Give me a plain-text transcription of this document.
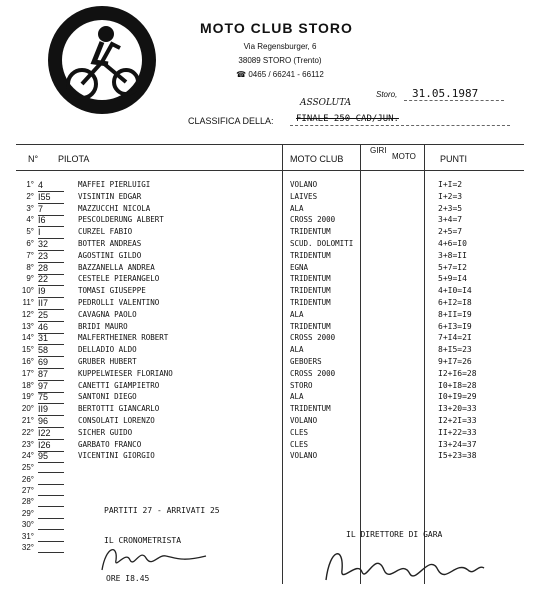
MOTO CLUB STORO
Via Regensburger, 6
38089 STORO (Trento)
☎ 0465 / 66241 - 66112
Storo, 31.05.1987
ASSOLUTA
CLASSIFICA DELLA: FINALE 250 CAD/JUN.
N° PILOTA	MOTO CLUB
GIRI
MOTO	PUNTI
1° 4	MAFFEI PIERLUIGI	VOLANO	I+I=2
2° I55	VISINTIN EDGAR	LAIVES	I+2=3
3° 7	MAZZUCCHI NICOLA	ALA	2+3=5
4° I6	PESCOLDERUNG ALBERT	CROSS 2000	3+4=7
5° I	CURZEL FABIO	TRIDENTUM	2+5=7
6° 32	BOTTER ANDREAS	SCUD. DOLOMITI	4+6=I0
7° 23	AGOSTINI GILDO	TRIDENTUM	3+8=II
8° 28	BAZZANELLA ANDREA	EGNA	5+7=I2
9° 22	CESTELE PIERANGELO	TRIDENTUM	5+9=I4
10° I9	TOMASI GIUSEPPE	TRIDENTUM	4+I0=I4
11° II7	PEDROLLI VALENTINO	TRIDENTUM	6+I2=I8
12° 25	CAVAGNA PAOLO	ALA	8+II=I9
13° 46	BRIDI MAURO	TRIDENTUM	6+I3=I9
14° 31	MALFERTHEINER ROBERT	CROSS 2000	7+I4=2I
15° 58	DELLADIO ALDO	ALA	8+I5=23
16° 69	GRUBER HUBERT	GEBOERS	9+I7=26
17° 87	KUPPELWIESER FLORIANO	CROSS 2000	I2+I6=28
18° 97	CANETTI GIAMPIETRO	STORO	I0+I8=28
19° 75	SANTONI DIEGO	ALA	I0+I9=29
20° II9	BERTOTTI GIANCARLO	TRIDENTUM	I3+20=33
21° 96	CONSOLATI LORENZO	VOLANO	I2+2I=33
22° I22	SICHER GUIDO	CLES	II+22=33
23° I26	GARBATO FRANCO	CLES	I3+24=37
24° 95	VICENTINI GIORGIO	VOLANO	I5+23=38
25°
26°
27°
28°
29°
30°
31°
32°
PARTITI 27 - ARRIVATI 25
IL CRONOMETRISTA
IL DIRETTORE DI GARA
ORE I8.45
